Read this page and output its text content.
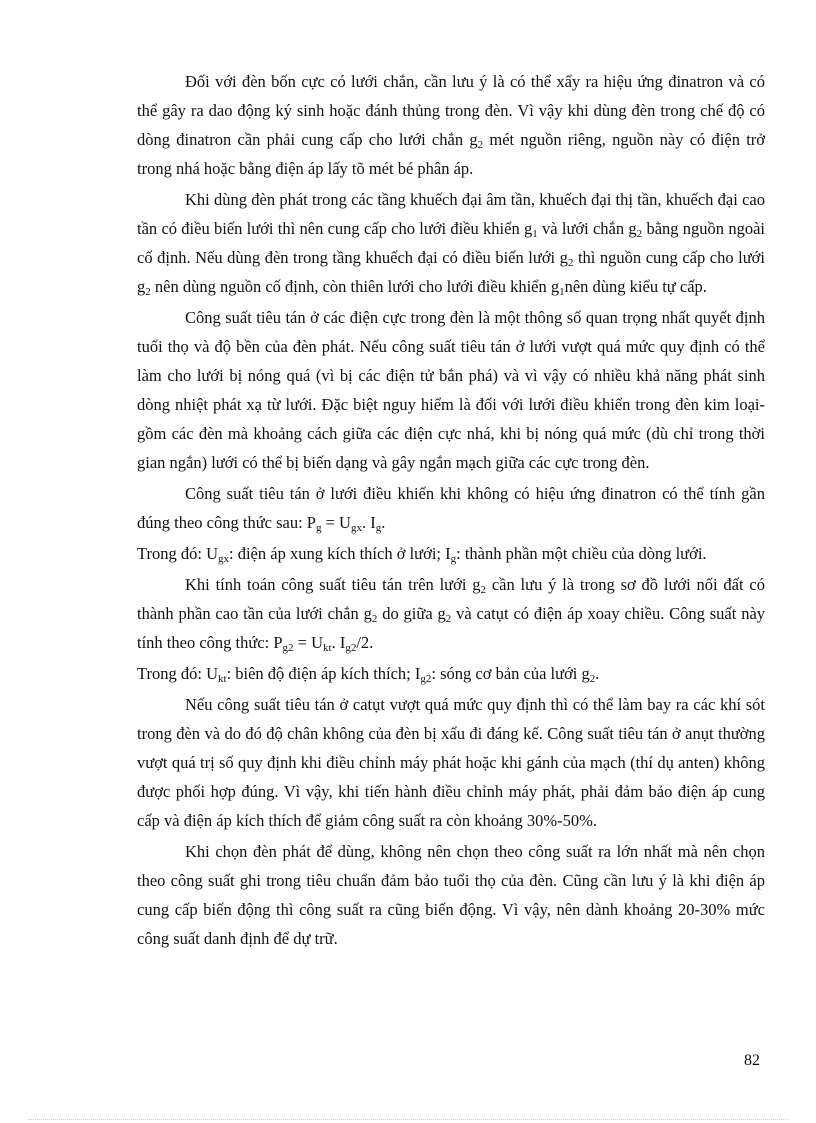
Đối với đèn bốn cực có lưới chắn, cần lưu ý là có thể xẩy ra hiệu ứng đinatron và có thể gây ra dao động ký sinh hoặc đánh thủng trong đèn. Vì vậy khi dùng đèn trong chế độ có dòng đinatron cần phải cung cấp cho lưới chắn $g_2$ mét nguồn riêng, nguồn này có điện trở trong nhá hoặc bằng điện áp lấy tõ mét bé phân áp.

Khi dùng đèn phát trong các tầng khuếch đại âm tần, khuếch đại thị tần, khuếch đại cao tần có điều biến lưới thì nên cung cấp cho lưới điều khiển $g_1$ và lưới chắn $g_2$ bằng nguồn ngoài cố định. Nếu dùng đèn trong tầng khuếch đại có điều biến lưới $g_2$ thì nguồn cung cấp cho lưới $g_2$ nên dùng nguồn cố định, còn thiên lưới cho lưới điều khiển $g_1nên$ dùng kiểu tự cấp.

Công suất tiêu tán ở các điện cực trong đèn là một thông số quan trọng nhất quyết định tuổi thọ và độ bền của đèn phát. Nếu công suất tiêu tán ở lưới vượt quá mức quy định có thể làm cho lưới bị nóng quá (vì bị các điện tử bắn phá) và vì vậy có nhiều khả năng phát sinh dòng nhiệt phát xạ từ lưới. Đặc biệt nguy hiểm là đối với lưới điều khiển trong đèn kim loại- gồm các đèn mà khoảng cách giữa các điện cực nhá, khi bị nóng quá mức (dù chỉ trong thời gian ngắn) lưới có thể bị biến dạng và gây ngắn mạch giữa các cực trong đèn.

Công suất tiêu tán ở lưới điều khiển khi không có hiệu ứng đinatron có thể tính gần đúng theo công thức sau: $P_g = U_{gx}$. $I_g$.

Trong đó: $U_{gx}$: điện áp xung kích thích ở lưới; $I_g$: thành phần một chiều của dòng lưới.

Khi tính toán công suất tiêu tán trên lưới $g_2$ cần lưu ý là trong sơ đồ lưới nối đất có thành phần cao tần của lưới chắn $g_2$ do giữa $g_2$ và catụt có điện áp xoay chiều. Công suất này tính theo công thức: $P_{g2} = U_{kt}$. $I_{g2}/2$.

Trong đó: $U_{kt}$: biên độ điện áp kích thích; $I_{g2}$: sóng cơ bản của lưới $g_2$.

Nếu công suất tiêu tán ở catụt vượt quá mức quy định thì có thể làm bay ra các khí sót trong đèn và do đó độ chân không của đèn bị xấu đi đáng kể. Công suất tiêu tán ở anụt thường vượt quá trị số quy định khi điều chỉnh máy phát hoặc khi gánh của mạch (thí dụ anten) không được phối hợp đúng. Vì vậy, khi tiến hành điều chỉnh máy phát, phải đảm bảo điện áp cung cấp và điện áp kích thích để giảm công suất ra còn khoảng 30%-50%.

Khi chọn đèn phát để dùng, không nên chọn theo công suất ra lớn nhất mà nên chọn theo công suất ghi trong tiêu chuẩn đảm bảo tuổi thọ của đèn. Cũng cần lưu ý là khi điện áp cung cấp biến động thì công suất ra cũng biến động. Vì vậy, nên dành khoảng 20-30% mức công suất danh định để dự trữ.

82
